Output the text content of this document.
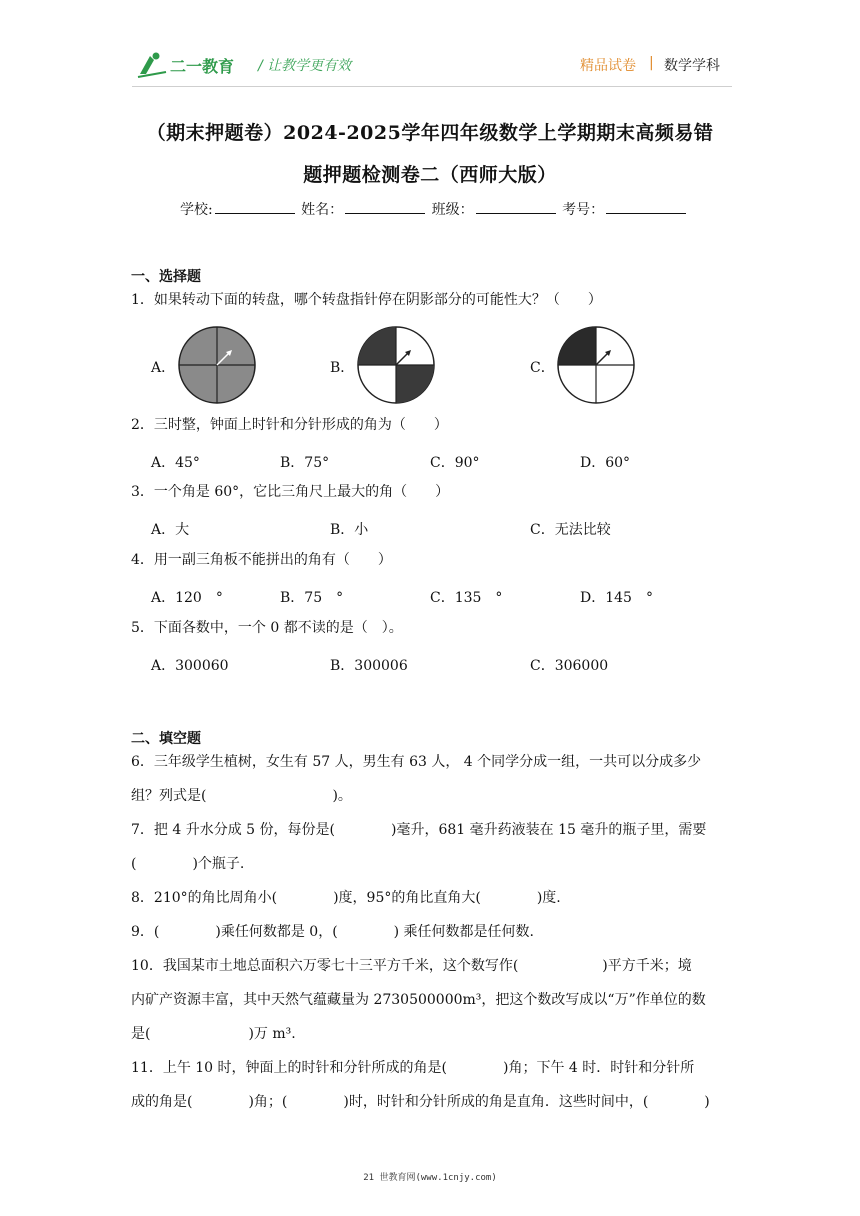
二一教育 / 让教学更有效	精品试卷 | 数学学科
（期末押题卷）2024-2025学年四年级数学上学期期末高频易错
题押题检测卷二（西师大版）
学校:	姓名：	班级：	考号：
一、选择题
1．如果转动下面的转盘，哪个转盘指针停在阴影部分的可能性大？（　　）
A．	B．	C．
2．三时整，钟面上时针和分针形成的角为（　　）
A．45°	B．75°	C．90°	D．60°
3．一个角是 60°，它比三角尺上最大的角（　　）
A．大	B．小	C．无法比较
4．用一副三角板不能拼出的角有（　　）
A．120　°	B．75　°	C．135　°	D．145　°
5．下面各数中，一个 0 都不读的是（　）。
A．300060	B．300006	C．306000
二、填空题
6．三年级学生植树，女生有 57 人，男生有 63 人， 4 个同学分成一组，一共可以分成多少
组？列式是(　　　　　　　　　)。
7．把 4 升水分成 5 份，每份是(　　　　)毫升，681 毫升药液装在 15 毫升的瓶子里，需要
(　　　　)个瓶子.
8．210°的角比周角小(　　　　)度，95°的角比直角大(　　　　)度.
9．(　　　　)乘任何数都是 0，(　　　　) 乘任何数都是任何数.
10．我国某市土地总面积六万零七十三平方千米，这个数写作(　　　　　　)平方千米；境
内矿产资源丰富，其中天然气蕴藏量为 2730500000m³，把这个数改写成以“万”作单位的数
是(　　　　　　　)万 m³.
11．上午 10 时，钟面上的时针和分针所成的角是(　　　　)角；下午 4 时．时针和分针所
成的角是(　　　　)角；(　　　　)时，时针和分针所成的角是直角．这些时间中，(　　　　)
21 世教育网(www.1cnjy.com)
